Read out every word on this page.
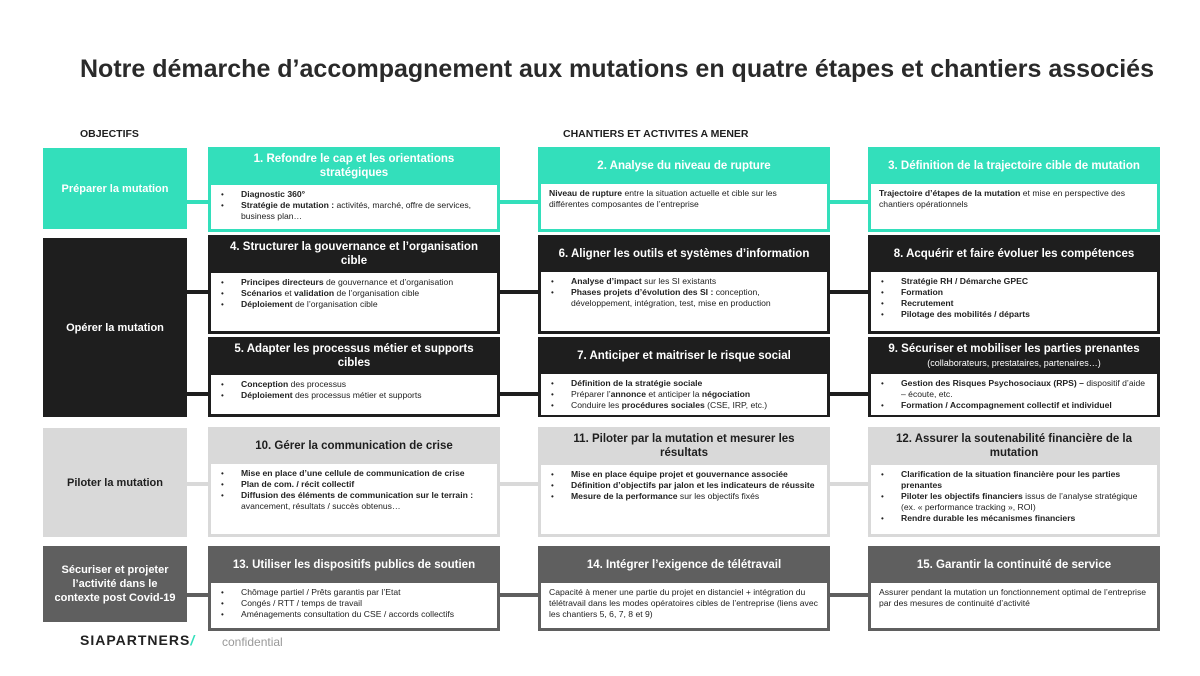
Notre démarche d’accompagnement aux mutations en quatre étapes et chantiers associés
OBJECTIFS	CHANTIERS ET ACTIVITES A MENER
Préparer la mutation
1. Refondre le cap et les orientations stratégiques
• Diagnostic 360°
• Stratégie de mutation : activités, marché, offre de services, business plan…
2. Analyse du niveau de rupture

Niveau de rupture entre la situation actuelle et cible sur les différentes composantes de l’entreprise

3. Définition de la trajectoire cible de mutation

Trajectoire d’étapes de la mutation et mise en perspective des chantiers opérationnels

Opérer la mutation
4. Structurer la gouvernance et l’organisation cible
• Principes directeurs de gouvernance et d’organisation
• Scénarios et validation de l’organisation cible
• Déploiement de l’organisation cible
6. Aligner les outils et systèmes d’information
• Analyse d’impact sur les SI existants
• Phases projets d’évolution des SI : conception, développement, intégration, test, mise en production
8. Acquérir et faire évoluer les compétences
• Stratégie RH / Démarche GPEC
• Formation
• Recrutement
• Pilotage des mobilités / départs
5. Adapter les processus métier et supports cibles
• Conception des processus
• Déploiement des processus métier et supports
7. Anticiper et maitriser le risque social
• Définition de la stratégie sociale
• Préparer l’annonce et anticiper la négociation
• Conduire les procédures sociales (CSE, IRP, etc.)
9. Sécuriser et mobiliser les parties prenantes
(collaborateurs, prestataires, partenaires…)
• Gestion des Risques Psychosociaux (RPS) – dispositif d’aide – écoute, etc.
• Formation / Accompagnement collectif et individuel
Piloter la mutation
10. Gérer la communication de crise
• Mise en place d’une cellule de communication de crise
• Plan de com. / récit collectif
• Diffusion des éléments de communication sur le terrain : avancement, résultats / succès obtenus…
11. Piloter par la mutation et mesurer les résultats
• Mise en place équipe projet et gouvernance associée
• Définition d’objectifs par jalon et les indicateurs de réussite
• Mesure de la performance sur les objectifs fixés
12. Assurer la soutenabilité financière de la mutation
• Clarification de la situation financière pour les parties prenantes
• Piloter les objectifs financiers issus de l’analyse stratégique (ex. « performance tracking », ROI)
• Rendre durable les mécanismes financiers
Sécuriser et projeter l’activité dans le contexte post Covid-19
13. Utiliser les dispositifs publics de soutien
• Chômage partiel / Prêts garantis par l’Etat
• Congés / RTT / temps de travail
• Aménagements consultation du CSE / accords collectifs
14. Intégrer l’exigence de télétravail

Capacité à mener une partie du projet en distanciel + intégration du télétravail dans les modes opératoires cibles de l’entreprise (liens avec les chantiers 5, 6, 7, 8 et 9)

15. Garantir la continuité de service

Assurer pendant la mutation un fonctionnement optimal de l’entreprise par des mesures de continuité d’activité

SIAPARTNERS/ confidential
